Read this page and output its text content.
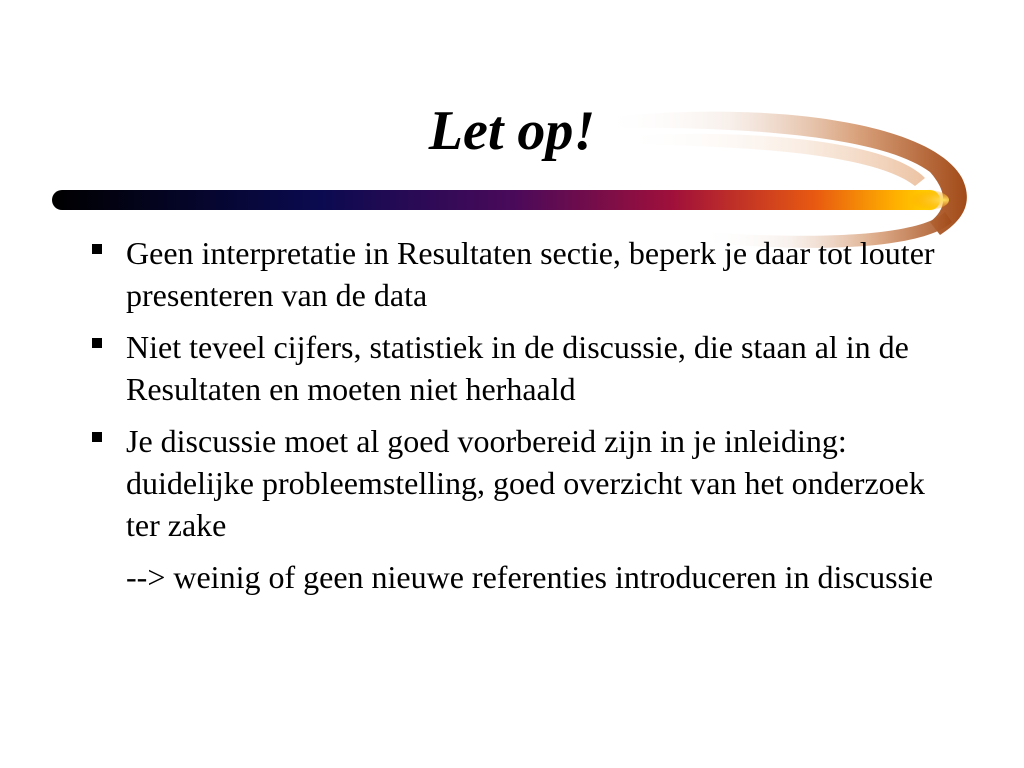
Let op!
Geen interpretatie in Resultaten sectie, beperk je daar tot louter presenteren van de data
Niet teveel cijfers, statistiek in de discussie, die staan al in de Resultaten en moeten niet herhaald
Je discussie moet al goed voorbereid zijn in je inleiding: duidelijke probleemstelling, goed overzicht van het onderzoek ter zake

--> weinig of geen nieuwe referenties introduceren in discussie
